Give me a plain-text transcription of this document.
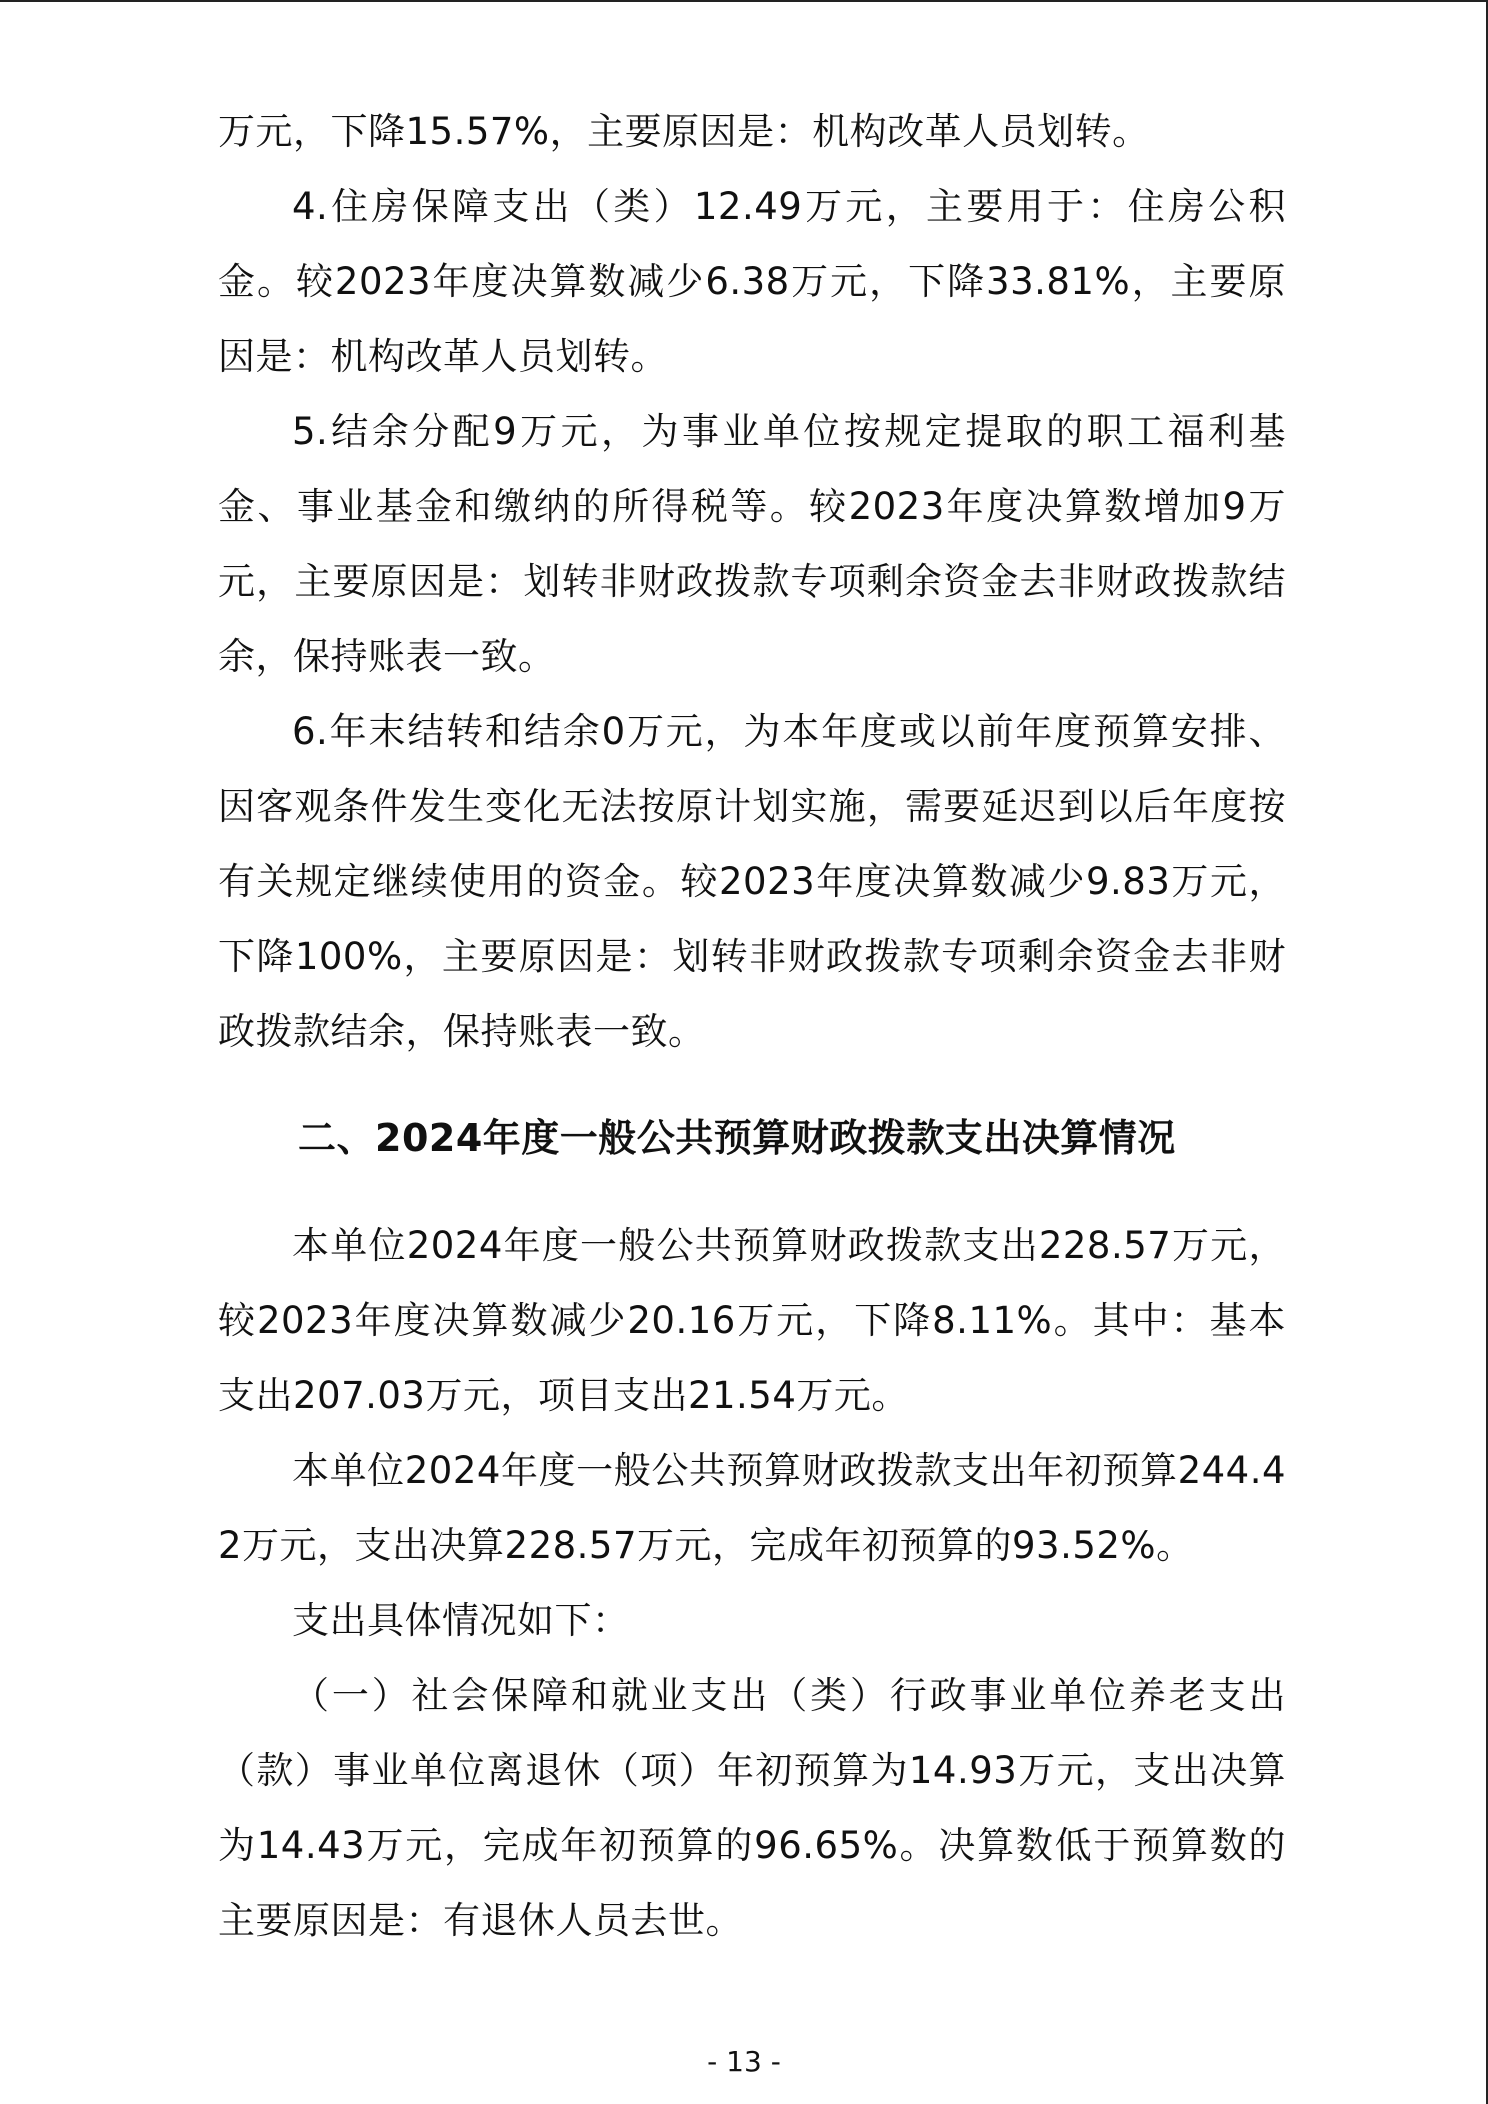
万元，下降15.57%，主要原因是：机构改革人员划转。

4.住房保障支出（类）12.49万元，主要用于：住房公积金。较2023年度决算数减少6.38万元，下降33.81%，主要原因是：机构改革人员划转。

5.结余分配9万元，为事业单位按规定提取的职工福利基金、事业基金和缴纳的所得税等。较2023年度决算数增加9万元，主要原因是：划转非财政拨款专项剩余资金去非财政拨款结余，保持账表一致。

6.年末结转和结余0万元，为本年度或以前年度预算安排、因客观条件发生变化无法按原计划实施，需要延迟到以后年度按有关规定继续使用的资金。较2023年度决算数减少9.83万元，下降100%，主要原因是：划转非财政拨款专项剩余资金去非财政拨款结余，保持账表一致。

二、2024年度一般公共预算财政拨款支出决算情况

本单位2024年度一般公共预算财政拨款支出228.57万元，较2023年度决算数减少20.16万元，下降8.11%。其中：基本支出207.03万元，项目支出21.54万元。

本单位2024年度一般公共预算财政拨款支出年初预算244.42万元，支出决算228.57万元，完成年初预算的93.52%。

支出具体情况如下：

（一）社会保障和就业支出（类）行政事业单位养老支出（款）事业单位离退休（项）年初预算为14.93万元，支出决算为14.43万元，完成年初预算的96.65%。决算数低于预算数的主要原因是：有退休人员去世。

- 13 -
